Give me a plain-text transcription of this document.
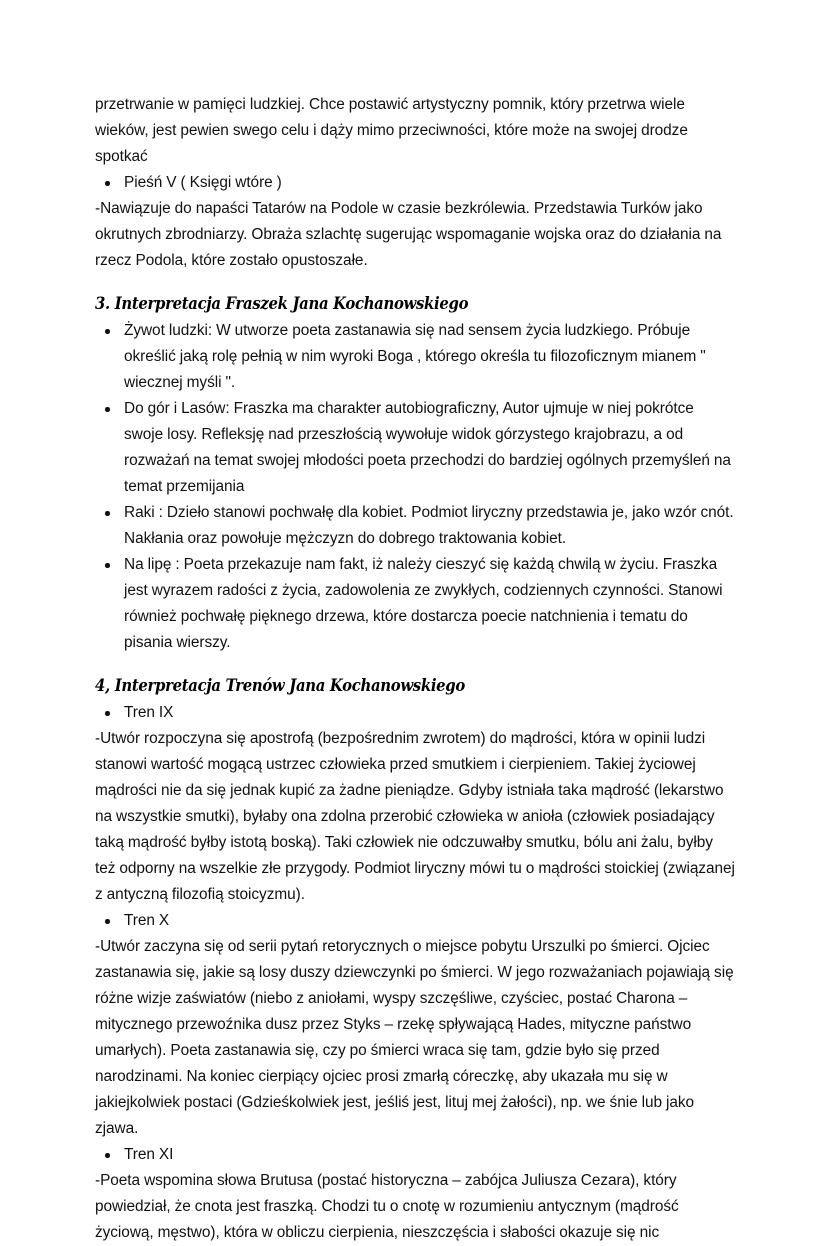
przetrwanie w pamięci ludzkiej. Chce postawić artystyczny pomnik, który przetrwa wiele wieków, jest pewien swego celu i dąży mimo przeciwności, które może na swojej drodze spotkać

Pieśń V ( Księgi wtóre )

-Nawiązuje do napaści Tatarów na Podole w czasie bezkrólewia. Przedstawia Turków jako okrutnych zbrodniarzy. Obraża szlachtę sugerując wspomaganie wojska oraz do działania na rzecz Podola, które zostało opustoszałe.

3. Interpretacja Fraszek Jana Kochanowskiego

Żywot ludzki: W utworze poeta zastanawia się nad sensem życia ludzkiego. Próbuje określić jaką rolę pełnią w nim wyroki Boga , którego określa tu filozoficznym mianem " wiecznej myśli ".
Do gór i Lasów: Fraszka ma charakter autobiograficzny, Autor ujmuje w niej pokrótce swoje losy. Refleksję nad przeszłością wywołuje widok górzystego krajobrazu, a od rozważań na temat swojej młodości poeta przechodzi do bardziej ogólnych przemyśleń na temat przemijania
Raki : Dzieło stanowi pochwałę dla kobiet. Podmiot liryczny przedstawia je, jako wzór cnót. Nakłania oraz powołuje mężczyzn do dobrego traktowania kobiet.
Na lipę : Poeta przekazuje nam fakt, iż należy cieszyć się każdą chwilą w życiu. Fraszka jest wyrazem radości z życia, zadowolenia ze zwykłych, codziennych czynności. Stanowi również pochwałę pięknego drzewa, które dostarcza poecie natchnienia i tematu do pisania wierszy.

4, Interpretacja Trenów Jana Kochanowskiego

Tren IX

-Utwór rozpoczyna się apostrofą (bezpośrednim zwrotem) do mądrości, która w opinii ludzi stanowi wartość mogącą ustrzec człowieka przed smutkiem i cierpieniem. Takiej życiowej mądrości nie da się jednak kupić za żadne pieniądze. Gdyby istniała taka mądrość (lekarstwo na wszystkie smutki), byłaby ona zdolna przerobić człowieka w anioła (człowiek posiadający taką mądrość byłby istotą boską). Taki człowiek nie odczuwałby smutku, bólu ani żalu, byłby też odporny na wszelkie złe przygody. Podmiot liryczny mówi tu o mądrości stoickiej (związanej z antyczną filozofią stoicyzmu).

Tren X

-Utwór zaczyna się od serii pytań retorycznych o miejsce pobytu Urszulki po śmierci. Ojciec zastanawia się, jakie są losy duszy dziewczynki po śmierci. W jego rozważaniach pojawiają się różne wizje zaświatów (niebo z aniołami, wyspy szczęśliwe, czyściec, postać Charona – mitycznego przewoźnika dusz przez Styks – rzekę spływającą Hades, mityczne państwo umarłych). Poeta zastanawia się, czy po śmierci wraca się tam, gdzie było się przed narodzinami. Na koniec cierpiący ojciec prosi zmarłą córeczkę, aby ukazała mu się w jakiejkolwiek postaci (Gdzieśkolwiek jest, jeśliś jest, lituj mej żałości), np. we śnie lub jako zjawa.

Tren XI

-Poeta wspomina słowa Brutusa (postać historyczna – zabójca Juliusza Cezara), który powiedział, że cnota jest fraszką. Chodzi tu o cnotę w rozumieniu antycznym (mądrość życiową, męstwo), która w obliczu cierpienia, nieszczęścia i słabości okazuje się nic
